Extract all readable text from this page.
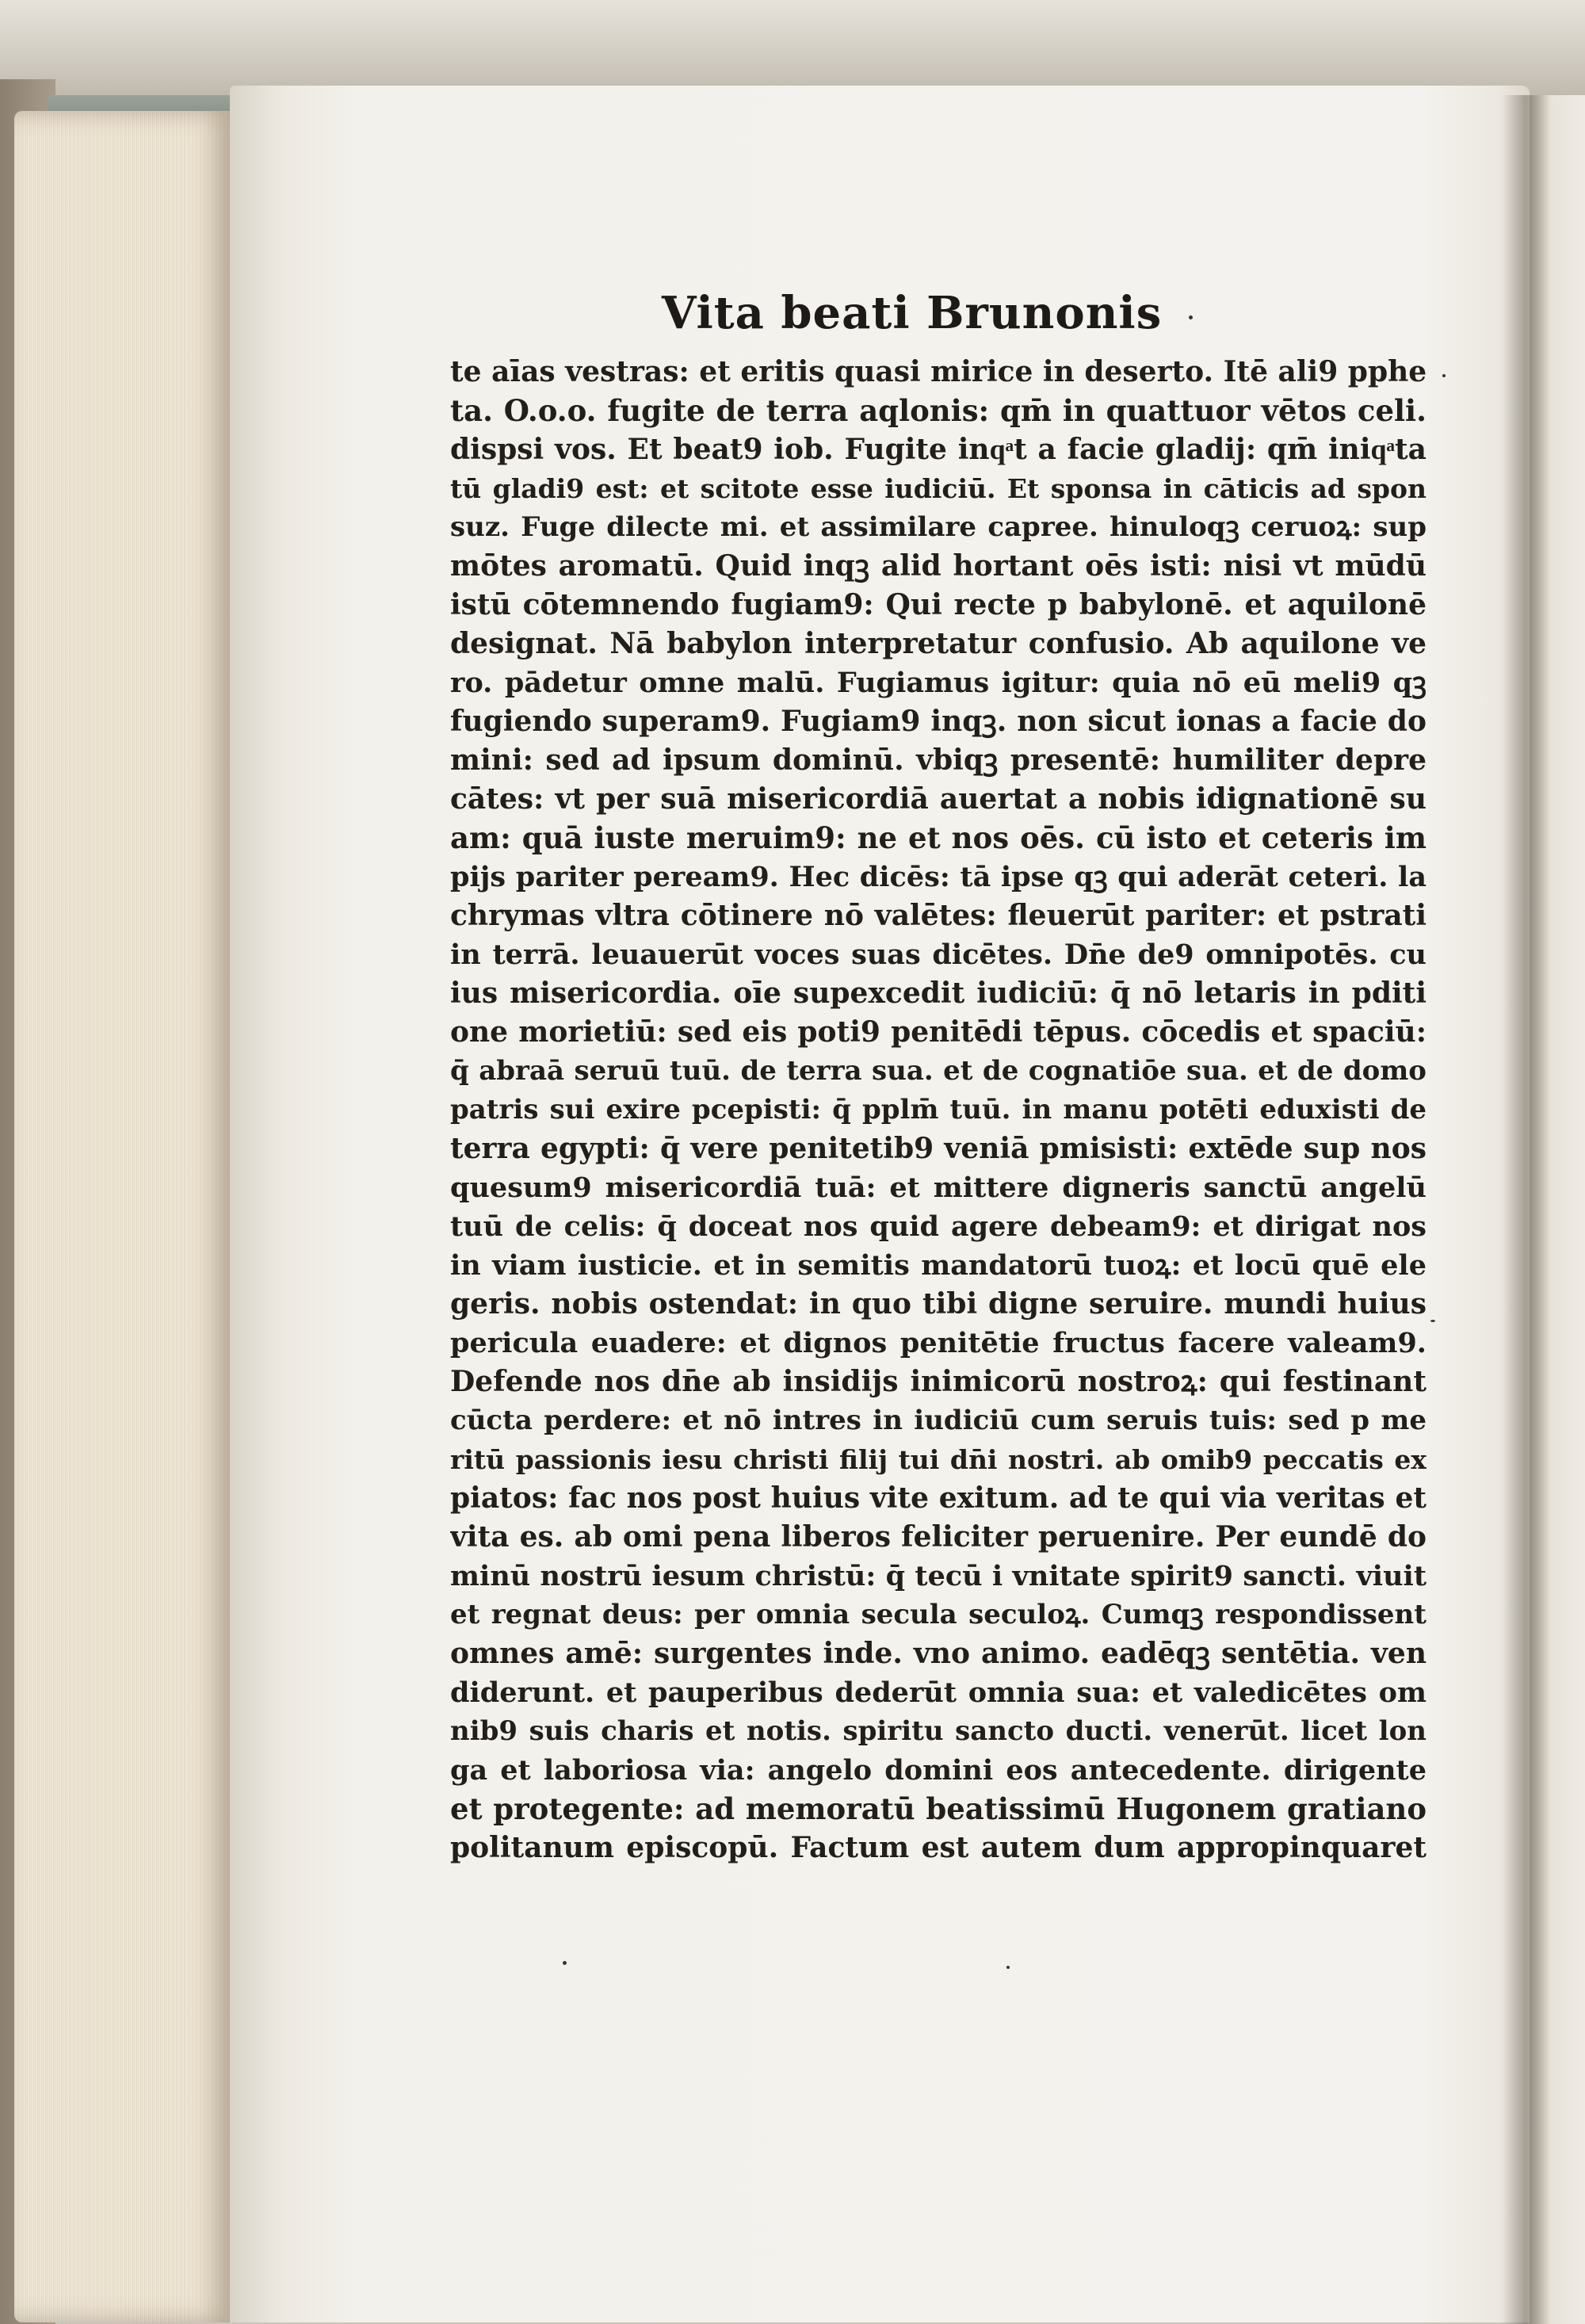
Vita beati Brunonis
te aīas vestras: et eritis quasi mirice in deserto. Itē ali9 pphe
ta. O.o.o. fugite de terra aqlonis: qm̄ in quattuor vētos celi.
dispsi vos. Et beat9 iob. Fugite inqͣt a facie gladij: qm̄ iniqͣta
tū gladi9 est: et scitote esse iudiciū. Et sponsa in cāticis ad spon
suz. Fuge dilecte mi. et assimilare capree. hinuloqꝫ ceruoꝝ: sup
mōtes aromatū. Quid inqꝫ alid hortant oēs isti: nisi vt mūdū
istū cōtemnendo fugiam9: Qui recte p babylonē. et aquilonē
designat. Nā babylon interpretatur confusio. Ab aquilone ve
ro. pādetur omne malū. Fugiamus igitur: quia nō eū meli9 qꝫ
fugiendo superam9. Fugiam9 inqꝫ. non sicut ionas a facie do
mini: sed ad ipsum dominū. vbiqꝫ presentē: humiliter depre
cātes: vt per suā misericordiā auertat a nobis idignationē su
am: quā iuste meruim9: ne et nos oēs. cū isto et ceteris im
pijs pariter peream9. Hec dicēs: tā ipse qꝫ qui aderāt ceteri. la
chrymas vltra cōtinere nō valētes: fleuerūt pariter: et pstrati
in terrā. leuauerūt voces suas dicētes. Dn̄e de9 omnipotēs. cu
ius misericordia. oīe supexcedit iudiciū: q̄ nō letaris in pditi
one morietiū: sed eis poti9 penitēdi tēpus. cōcedis et spaciū:
q̄ abraā seruū tuū. de terra sua. et de cognatiōe sua. et de domo
patris sui exire pcepisti: q̄ pplm̄ tuū. in manu potēti eduxisti de
terra egypti: q̄ vere penitetib9 veniā pmisisti: extēde sup nos
quesum9 misericordiā tuā: et mittere digneris sanctū angelū
tuū de celis: q̄ doceat nos quid agere debeam9: et dirigat nos
in viam iusticie. et in semitis mandatorū tuoꝝ: et locū quē ele
geris. nobis ostendat: in quo tibi digne seruire. mundi huius
pericula euadere: et dignos penitētie fructus facere valeam9.
Defende nos dn̄e ab insidijs inimicorū nostroꝝ: qui festinant
cūcta perdere: et nō intres in iudiciū cum seruis tuis: sed p me
ritū passionis iesu christi filij tui dn̄i nostri. ab omib9 peccatis ex
piatos: fac nos post huius vite exitum. ad te qui via veritas et
vita es. ab omi pena liberos feliciter peruenire. Per eundē do
minū nostrū iesum christū: q̄ tecū i vnitate spirit9 sancti. viuit
et regnat deus: per omnia secula seculoꝝ. Cumqꝫ respondissent
omnes amē: surgentes inde. vno animo. eadēqꝫ sentētia. ven
diderunt. et pauperibus dederūt omnia sua: et valedicētes om
nib9 suis charis et notis. spiritu sancto ducti. venerūt. licet lon
ga et laboriosa via: angelo domini eos antecedente. dirigente
et protegente: ad memoratū beatissimū Hugonem gratiano
politanum episcopū. Factum est autem dum appropinquaret
